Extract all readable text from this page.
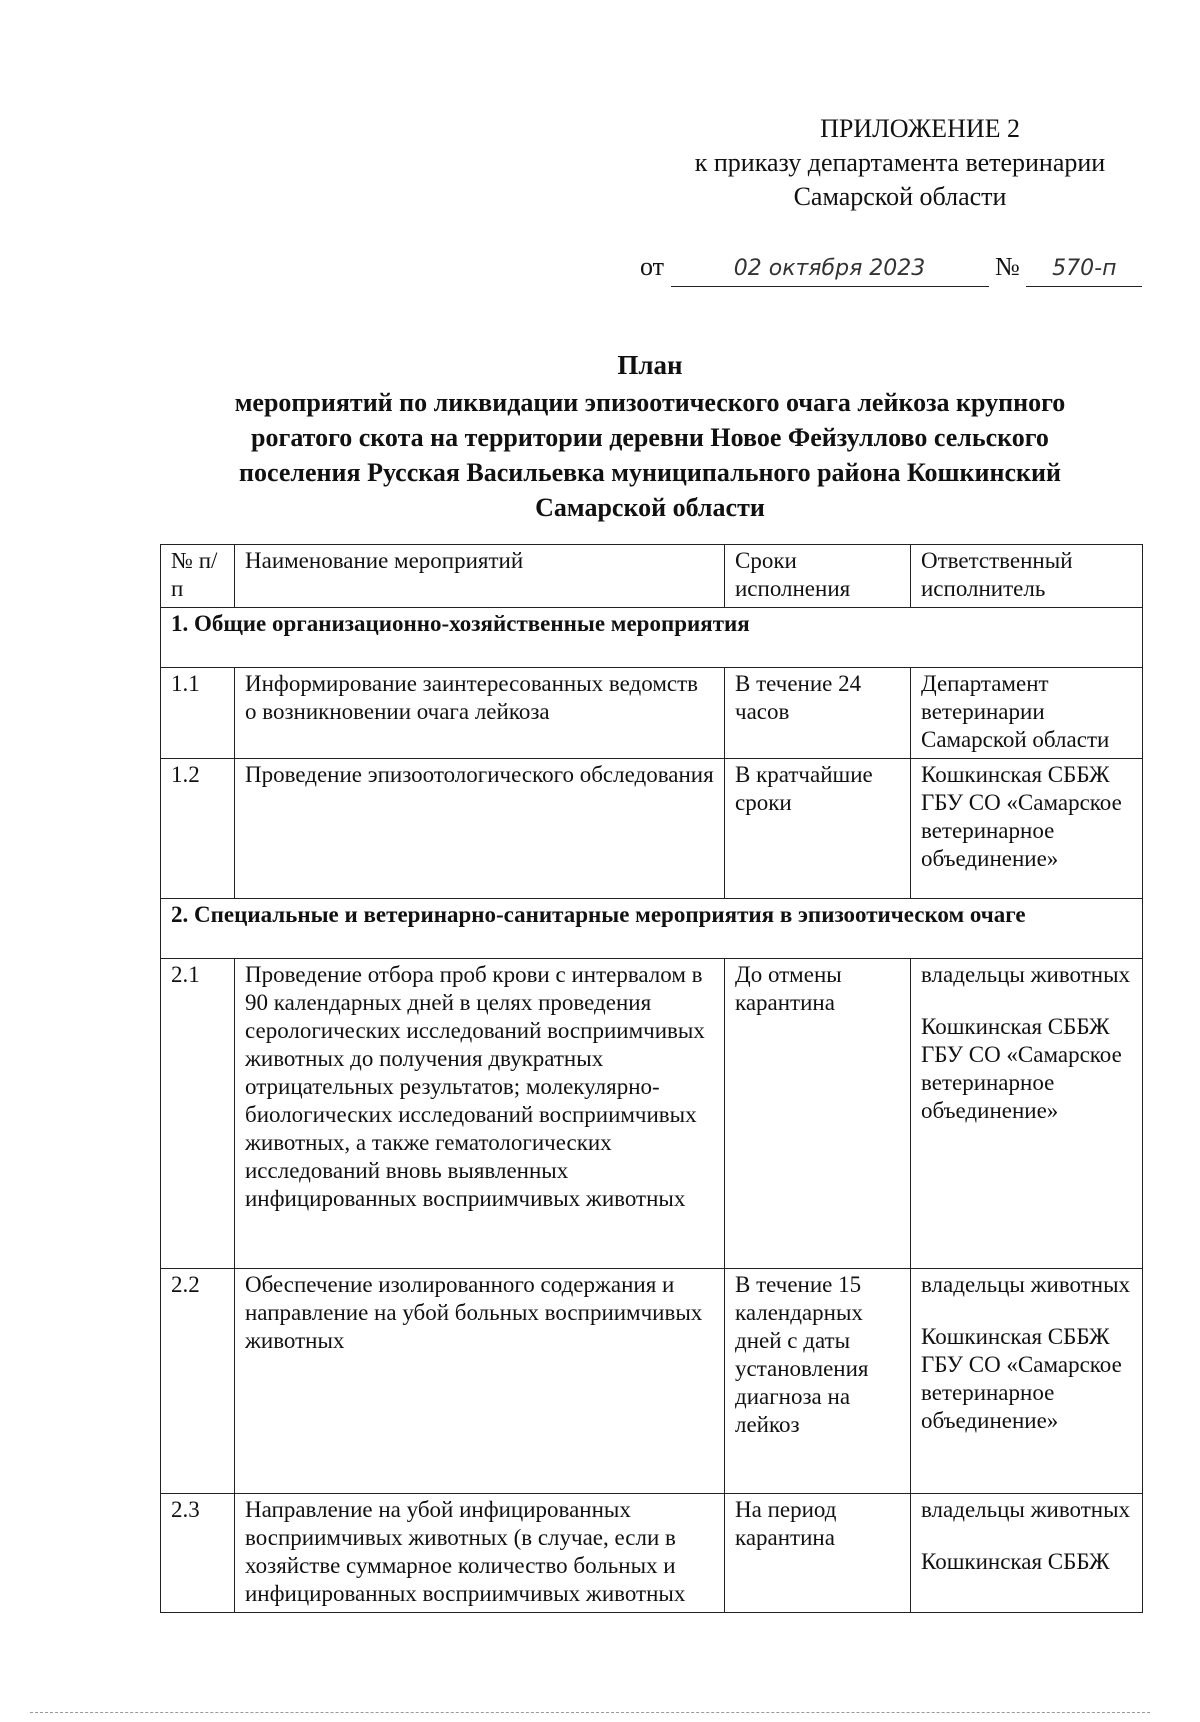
ПРИЛОЖЕНИЕ 2
к приказу департамента ветеринарии
Самарской области
от	02 октября 2023	№ 570-п
План
мероприятий по ликвидации эпизоотического очага лейкоза крупного
рогатого скота на территории деревни Новое Фейзуллово сельского
поселения Русская Васильевка муниципального района Кошкинский
Самарской области
№ п/п	Наименование мероприятий	Сроки исполнения	Ответственный исполнитель
1. Общие организационно-хозяйственные мероприятия			
1.1	Информирование заинтересованных ведомств о возникновении очага лейкоза	В течение 24 часов	Департамент ветеринарии Самарской области

1.2	Проведение эпизоотологического обследования	В кратчайшие сроки	Кошкинская СББЖ ГБУ СО «Самарское ветеринарное объединение»

2. Специальные и ветеринарно-санитарные мероприятия в эпизоотическом очаге			
2.1	Проведение отбора проб крови с интервалом в 90 календарных дней в целях проведения серологических исследований восприимчивых животных до получения двукратных отрицательных результатов; молекулярно-биологических исследований восприимчивых животных, а также гематологических исследований вновь выявленных инфицированных восприимчивых животных	До отмены карантина	владельцы животных
Кошкинская СББЖ ГБУ СО «Самарское ветеринарное объединение»

2.2	Обеспечение изолированного содержания и направление на убой больных восприимчивых животных	В течение 15 календарных дней с даты установления диагноза на лейкоз	владельцы животных
Кошкинская СББЖ ГБУ СО «Самарское ветеринарное объединение»

2.3	Направление на убой инфицированных восприимчивых животных (в случае, если в хозяйстве суммарное количество больных и инфицированных восприимчивых животных	На период карантина	владельцы животных
Кошкинская СББЖ
